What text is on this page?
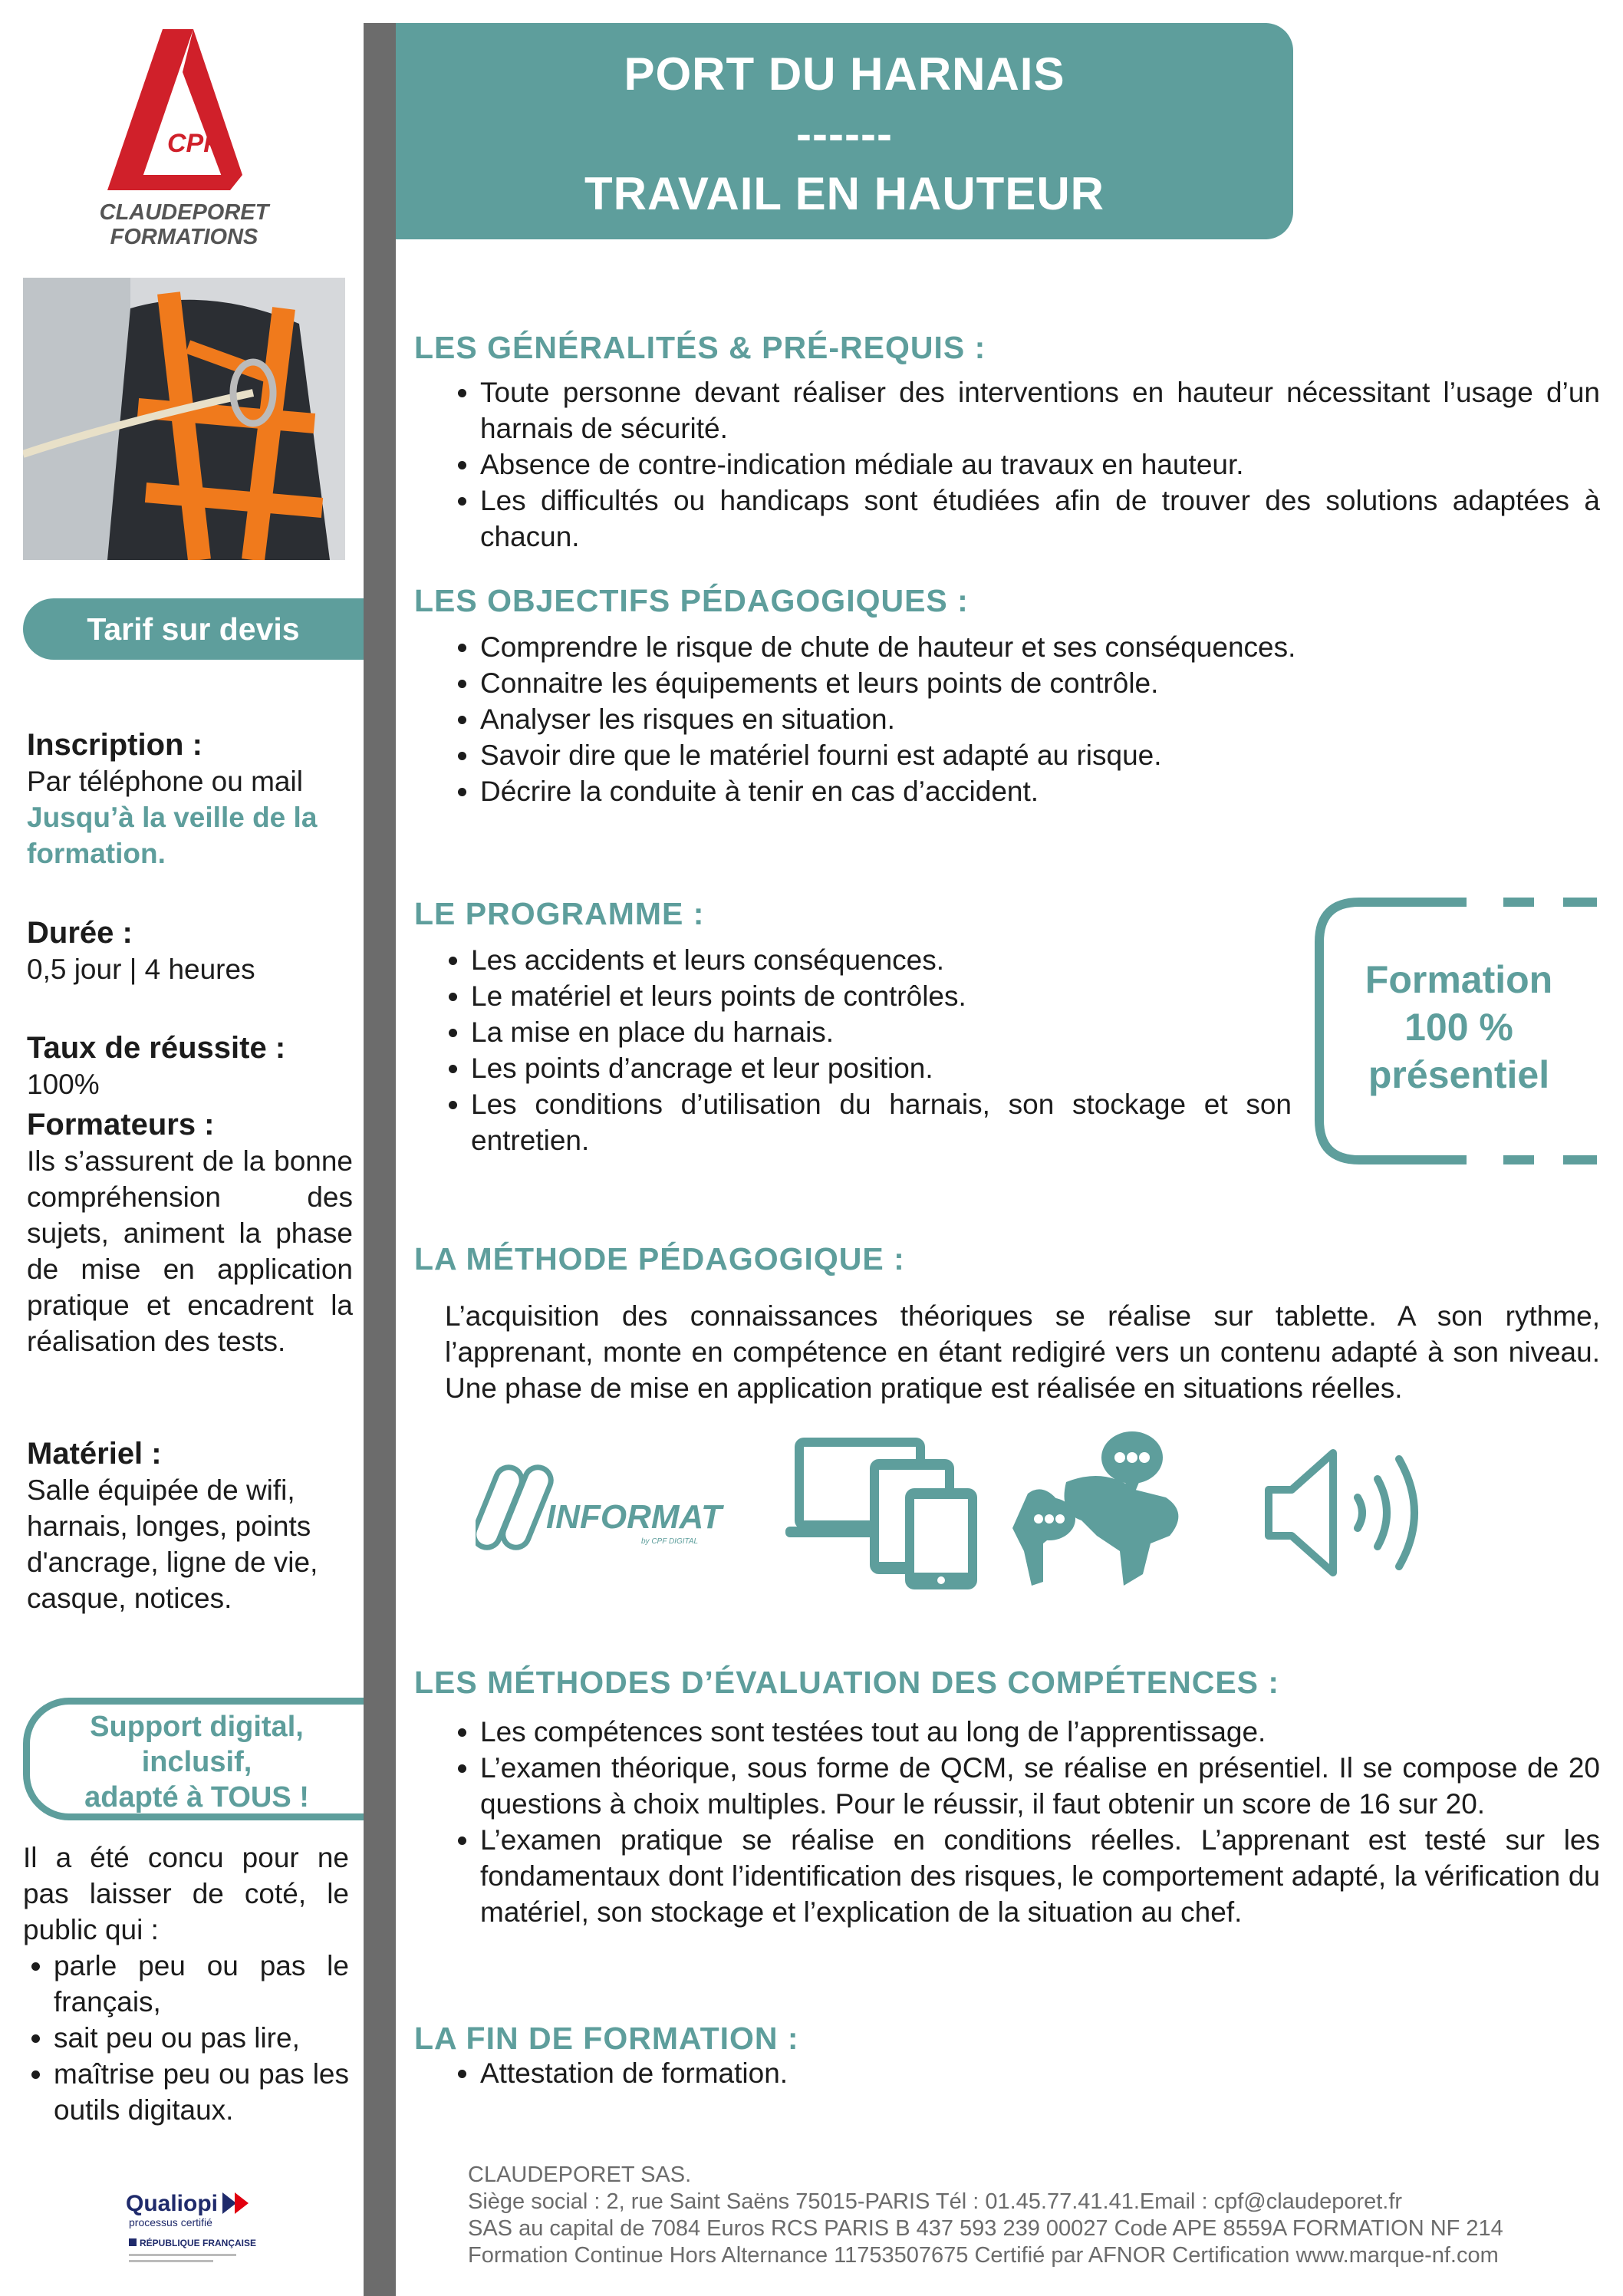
PORT DU HARNAIS
------
TRAVAIL EN HAUTEUR
CPF
CLAUDEPORET
FORMATIONS
Tarif sur devis
Inscription :
Par téléphone ou mail
Jusqu’à la veille de la formation.
Durée :
0,5 jour | 4 heures
Taux de réussite : 100%
Formateurs :
Ils s’assurent de la bonne compréhension des sujets, animent la phase de mise en application pratique et encadrent la réalisation des tests.
Matériel :
Salle équipée de wifi, harnais, longes, points d'ancrage, ligne de vie, casque, notices.
Support digital,
inclusif,
adapté à TOUS !
Il a été concu pour ne pas laisser de coté, le public qui :
• parle peu ou pas le français,
• sait peu ou pas lire,
• maîtrise peu ou pas les outils digitaux.
Qualiopi
processus certifié
RÉPUBLIQUE FRANÇAISE
LES GÉNÉRALITÉS & PRÉ-REQUIS :
• Toute personne devant réaliser des interventions en hauteur nécessitant l’usage d’un harnais de sécurité.
• Absence de contre-indication médiale au travaux en hauteur.
• Les difficultés ou handicaps sont étudiées afin de trouver des solutions adaptées à chacun.
LES OBJECTIFS PÉDAGOGIQUES :
• Comprendre le risque de chute de hauteur et ses conséquences.
• Connaitre les équipements et leurs points de contrôle.
• Analyser les risques en situation.
• Savoir dire que le matériel fourni est adapté au risque.
• Décrire la conduite à tenir en cas d’accident.
LE PROGRAMME :
• Les accidents et leurs conséquences.
• Le matériel et leurs points de contrôles.
• La mise en place du harnais.
• Les points d’ancrage et leur position.
• Les conditions d’utilisation du harnais, son stockage et son entretien.
Formation
100 %
présentiel
LA MÉTHODE PÉDAGOGIQUE :
L’acquisition des connaissances théoriques se réalise sur tablette. A son rythme, l’apprenant, monte en compétence en étant redigiré vers un contenu adapté à son niveau. Une phase de mise en application pratique est réalisée en situations réelles.
INFORMAT
by CPF DIGITAL
LES MÉTHODES D’ÉVALUATION DES COMPÉTENCES :
• Les compétences sont testées tout au long de l’apprentissage.
• L’examen théorique, sous forme de QCM, se réalise en présentiel. Il se compose de 20 questions à choix multiples. Pour le réussir, il faut obtenir un score de 16 sur 20.
• L’examen pratique se réalise en conditions réelles. L’apprenant est testé sur les fondamentaux dont l’identification des risques, le comportement adapté, la vérification du matériel, son stockage et l’explication de la situation au chef.
LA FIN DE FORMATION :
• Attestation de formation.
CLAUDEPORET SAS.
Siège social : 2, rue Saint Saëns 75015-PARIS Tél : 01.45.77.41.41.Email : cpf@claudeporet.fr
SAS au capital de 7084 Euros RCS PARIS B 437 593 239 00027 Code APE 8559A FORMATION NF 214
Formation Continue Hors Alternance 11753507675 Certifié par AFNOR Certification www.marque-nf.com
